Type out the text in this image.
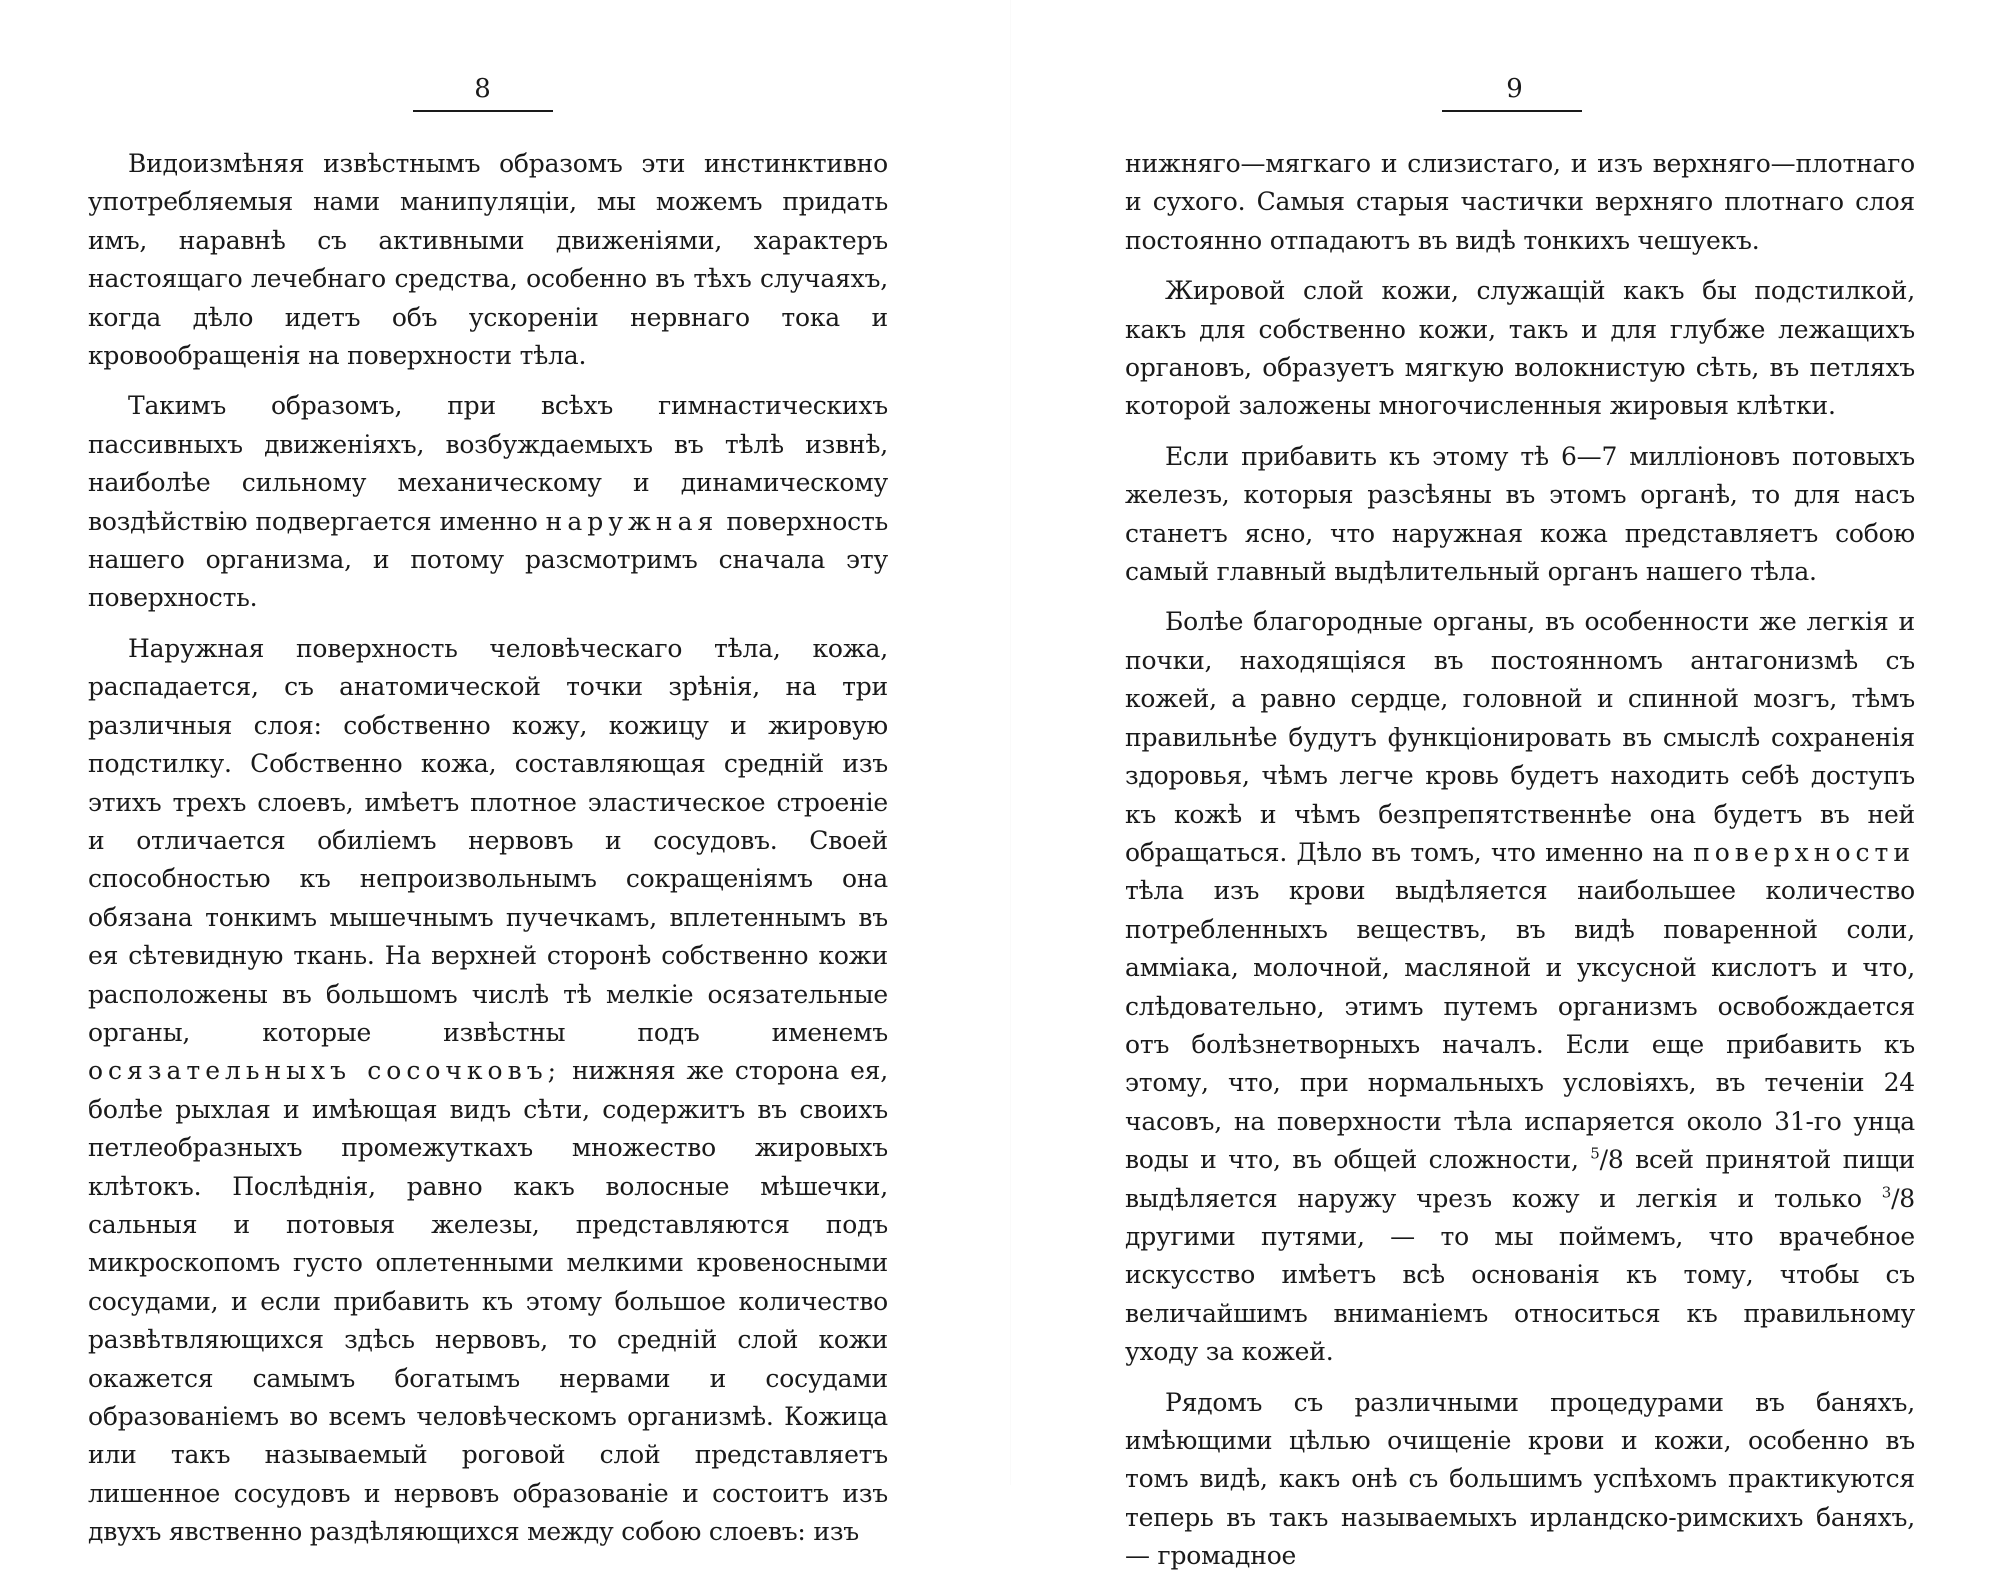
8

Видоизмѣняя извѣстнымъ образомъ эти инстинктивно употребляемыя нами манипуляціи, мы можемъ придать имъ, наравнѣ съ активными движеніями, характеръ настоящаго лечебнаго средства, особенно въ тѣхъ случаяхъ, когда дѣло идетъ объ ускореніи нервнаго тока и кровообращенія на поверхности тѣла.

Такимъ образомъ, при всѣхъ гимнастическихъ пассивныхъ движеніяхъ, возбуждаемыхъ въ тѣлѣ извнѣ, наиболѣе сильному механическому и динамическому воздѣйствію подвергается именно наружная поверхность нашего организма, и потому разсмотримъ сначала эту поверхность.

Наружная поверхность человѣческаго тѣла, кожа, распадается, съ анатомической точки зрѣнія, на три различныя слоя: собственно кожу, кожицу и жировую подстилку. Собственно кожа, составляющая средній изъ этихъ трехъ слоевъ, имѣетъ плотное эластическое строеніе и отличается обиліемъ нервовъ и сосудовъ. Своей способностью къ непроизвольнымъ сокращеніямъ она обязана тонкимъ мышечнымъ пучечкамъ, вплетеннымъ въ ея сѣтевидную ткань. На верхней сторонѣ собственно кожи расположены въ большомъ числѣ тѣ мелкіе осязательные органы, которые извѣстны подъ именемъ осязательныхъ сосочковъ; нижняя же сторона ея, болѣе рыхлая и имѣющая видъ сѣти, содержитъ въ своихъ петлеобразныхъ промежуткахъ множество жировыхъ клѣтокъ. Послѣднія, равно какъ волосные мѣшечки, сальныя и потовыя железы, представляются подъ микроскопомъ густо оплетенными мелкими кровеносными сосудами, и если прибавить къ этому большое количество развѣтвляющихся здѣсь нервовъ, то средній слой кожи окажется самымъ богатымъ нервами и сосудами образованіемъ во всемъ человѣческомъ организмѣ. Кожица или такъ называемый роговой слой представляетъ лишенное сосудовъ и нервовъ образованіе и состоитъ изъ двухъ явственно раздѣляющихся между собою слоевъ: изъ

9

нижняго—мягкаго и слизистаго, и изъ верхняго—плотнаго и сухого. Самыя старыя частички верхняго плотнаго слоя постоянно отпадаютъ въ видѣ тонкихъ чешуекъ.

Жировой слой кожи, служащій какъ бы подстилкой, какъ для собственно кожи, такъ и для глубже лежащихъ органовъ, образуетъ мягкую волокнистую сѣть, въ петляхъ которой заложены многочисленныя жировыя клѣтки.

Если прибавить къ этому тѣ 6—7 милліоновъ потовыхъ железъ, которыя разсѣяны въ этомъ органѣ, то для насъ станетъ ясно, что наружная кожа представляетъ собою самый главный выдѣлительный органъ нашего тѣла.

Болѣе благородные органы, въ особенности же легкія и почки, находящіяся въ постоянномъ антагонизмѣ съ кожей, а равно сердце, головной и спинной мозгъ, тѣмъ правильнѣе будутъ функціонировать въ смыслѣ сохраненія здоровья, чѣмъ легче кровь будетъ находить себѣ доступъ къ кожѣ и чѣмъ безпрепятственнѣе она будетъ въ ней обращаться. Дѣло въ томъ, что именно на поверхности тѣла изъ крови выдѣляется наибольшее количество потребленныхъ веществъ, въ видѣ поваренной соли, амміака, молочной, масляной и уксусной кислотъ и что, слѣдовательно, этимъ путемъ организмъ освобождается отъ болѣзнетворныхъ началъ. Если еще прибавить къ этому, что, при нормальныхъ условіяхъ, въ теченіи 24 часовъ, на поверхности тѣла испаряется около 31-го унца воды и что, въ общей сложности, $^5$/8 всей принятой пищи выдѣляется наружу чрезъ кожу и легкія и только $^3$/8 другими путями, — то мы поймемъ, что врачебное искусство имѣетъ всѣ основанія къ тому, чтобы съ величайшимъ вниманіемъ относиться къ правильному уходу за кожей.

Рядомъ съ различными процедурами въ баняхъ, имѣющими цѣлью очищеніе крови и кожи, особенно въ томъ видѣ, какъ онѣ съ большимъ успѣхомъ практикуются теперь въ такъ называемыхъ ирландско-римскихъ баняхъ, — громадное
